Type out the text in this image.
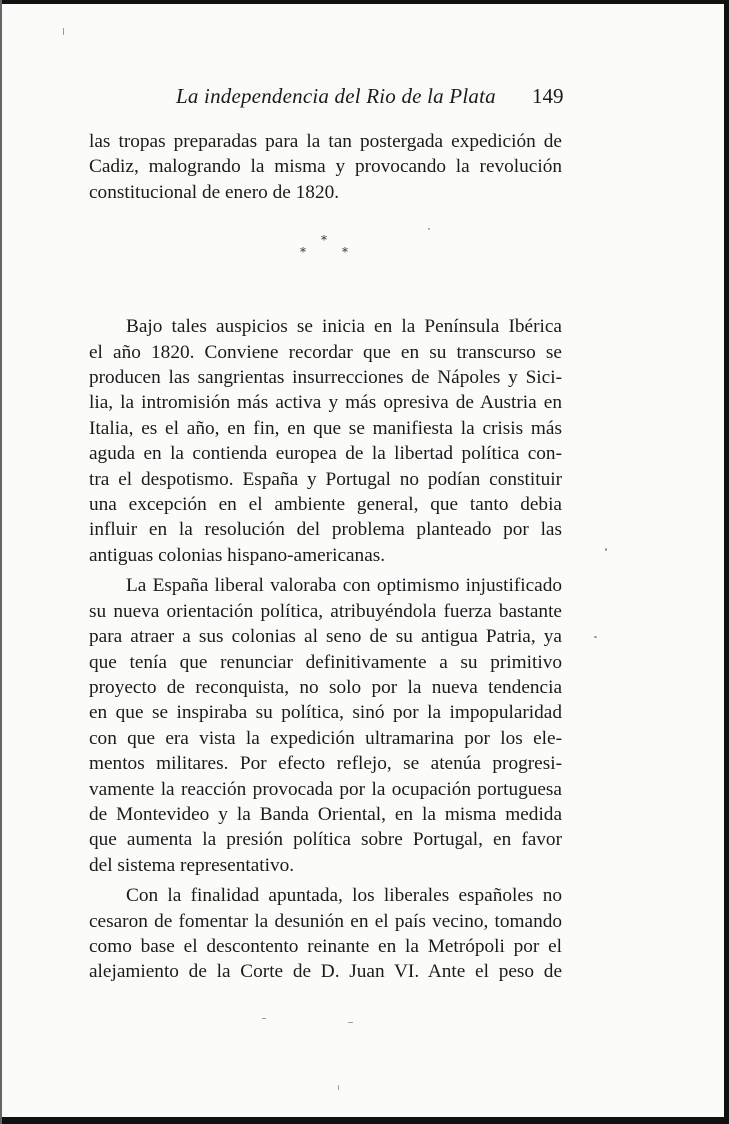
La independencia del Rio de la Plata 149
*
*	*
las tropas preparadas para la tan postergada expedición de
Cadiz, malogrando la misma y provocando la revolución
constitucional de enero de 1820.
Bajo tales auspicios se inicia en la Península Ibérica
el año 1820. Conviene recordar que en su transcurso se
producen las sangrientas insurrecciones de Nápoles y Sici-
lia, la intromisión más activa y más opresiva de Austria en
Italia, es el año, en fin, en que se manifiesta la crisis más
aguda en la contienda europea de la libertad política con-
tra el despotismo. España y Portugal no podían constituir
una excepción en el ambiente general, que tanto debia
influir en la resolución del problema planteado por las
antiguas colonias hispano-americanas.
La España liberal valoraba con optimismo injustificado
su nueva orientación política, atribuyéndola fuerza bastante
para atraer a sus colonias al seno de su antigua Patria, ya
que tenía que renunciar definitivamente a su primitivo
proyecto de reconquista, no solo por la nueva tendencia
en que se inspiraba su política, sinó por la impopularidad
con que era vista la expedición ultramarina por los ele-
mentos militares. Por efecto reflejo, se atenúa progresi-
vamente la reacción provocada por la ocupación portuguesa
de Montevideo y la Banda Oriental, en la misma medida
que aumenta la presión política sobre Portugal, en favor
del sistema representativo.
Con la finalidad apuntada, los liberales españoles no
cesaron de fomentar la desunión en el país vecino, tomando
como base el descontento reinante en la Metrópoli por el
alejamiento de la Corte de D. Juan VI. Ante el peso de
